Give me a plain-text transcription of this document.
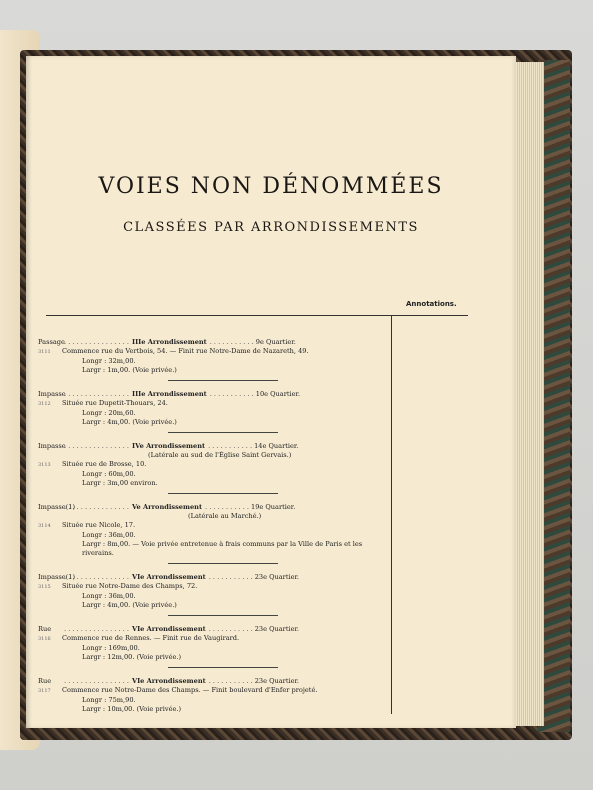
VOIES NON DÉNOMMÉES
CLASSÉES PAR ARRONDISSEMENTS
Annotations.
Passage . . . . . . . . . . . . . . . . IIIe Arrondissement . . . . . . . . . . . 9e Quartier.
3111 Commence rue du Vertbois, 54. — Finit rue Notre-Dame de Nazareth, 49.
Longr : 32m,00.
Largr : 1m,00. (Voie privée.)
Impasse
. . . . . . . . . . . . . . . . IIIe Arrondissement . . . . . . . . . . . 10e Quartier.
3112 Située rue Dupetit-Thouars, 24.
Longr : 20m,60.
Largr : 4m,00. (Voie privée.)
Impasse
. . . . . . . . . . . . . . . . IVe Arrondissement . . . . . . . . . . . 14e Quartier.
(Latérale au sud de l'Église Saint Gervais.)
3113 Située rue de Brosse, 10.
Longr : 60m,00.
Largr : 3m,00 environ.
Impasse(1)
. . . . . . . . . . . . . . . . Ve Arrondissement . . . . . . . . . . . 19e Quartier.
(Latérale au Marché.)
3114 Située rue Nicole, 17.
Longr : 36m,00.
Largr : 8m,00. — Voie privée entretenue à frais communs par la Ville de Paris et les riverains.
Impasse(1)
. . . . . . . . . . . . . . . . VIe Arrondissement . . . . . . . . . . . 23e Quartier.
3115 Située rue Notre-Dame des Champs, 72.
Longr : 36m,00.
Largr : 4m,00. (Voie privée.)
Rue	. . . . . . . . . . . . . . . . VIe Arrondissement . . . . . . . . . . . 23e Quartier.
3116 Commence rue de Rennes. — Finit rue de Vaugirard.
Longr : 169m,00.
Largr : 12m,00. (Voie privée.)
Rue	. . . . . . . . . . . . . . . . VIe Arrondissement . . . . . . . . . . . 23e Quartier.
3117 Commence rue Notre-Dame des Champs. — Finit boulevard d'Enfer projeté.
Longr : 75m,90.
Largr : 10m,00. (Voie privée.)
